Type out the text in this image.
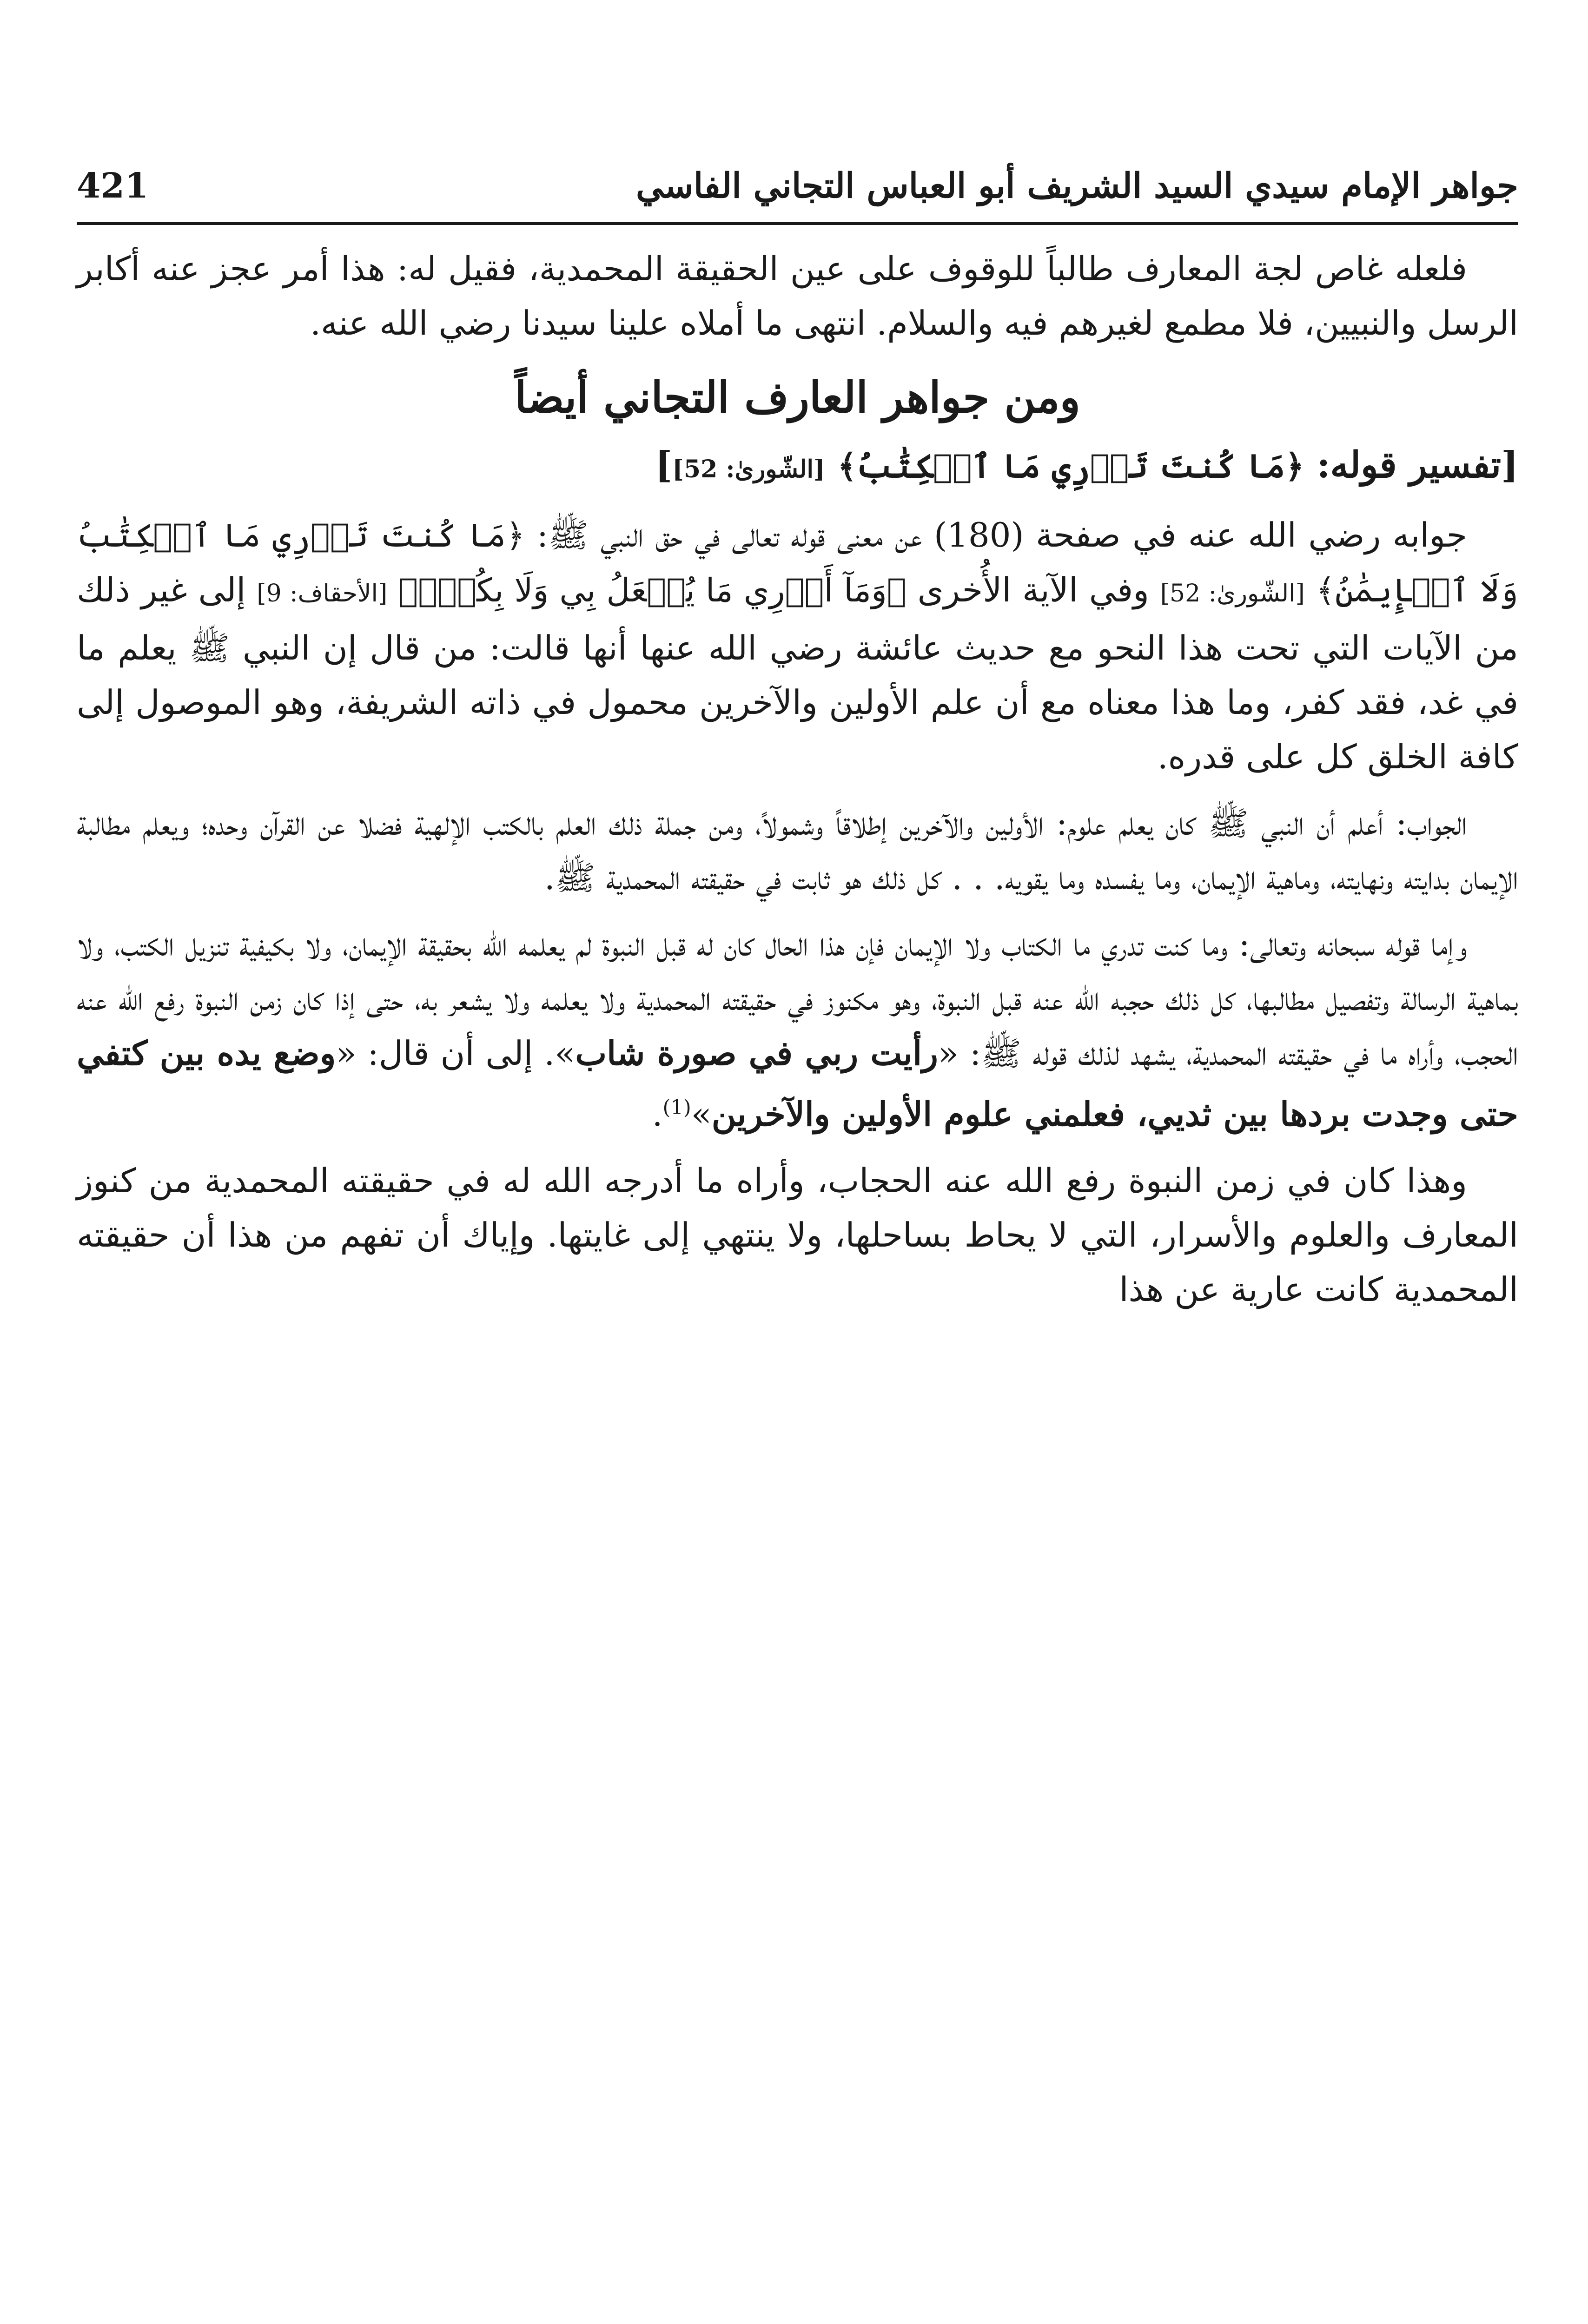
جواهر الإمام سيدي السيد الشريف أبو العباس التجاني الفاسي
421

فلعله غاص لجة المعارف طالباً للوقوف على عين الحقيقة المحمدية، فقيل له: هذا أمر عجز عنه أكابر الرسل والنبيين، فلا مطمع لغيرهم فيه والسلام. انتهى ما أملاه علينا سيدنا رضي الله عنه.

ومن جواهر العارف التجاني أيضاً
[تفسير قوله: ﴿مَا كُنتَ تَدۡرِي مَا ٱلۡكِتَٰبُ﴾ [الشّورىٰ: 52]]

جوابه رضي الله عنه في صفحة (180) عن معنى قوله تعالى في حق النبي ﷺ: ﴿مَا كُنتَ تَدۡرِي مَا ٱلۡكِتَٰبُ وَلَا ٱلۡإِيمَٰنُ﴾ [الشّورىٰ: 52] وفي الآية الأُخرى ﴿وَمَآ أَدۡرِي مَا يُفۡعَلُ بِي وَلَا بِكُمۡۖ﴾ [الأحقاف: 9] إلى غير ذلك من الآيات التي تحت هذا النحو مع حديث عائشة رضي الله عنها أنها قالت: من قال إن النبي ﷺ يعلم ما في غد، فقد كفر، وما هذا معناه مع أن علم الأولين والآخرين محمول في ذاته الشريفة، وهو الموصول إلى كافة الخلق كل على قدره.

الجواب: أعلم أن النبي ﷺ كان يعلم علوم: الأولين والآخرين إطلاقاً وشمولاً، ومن جملة ذلك العلم بالكتب الإلهية فضلا عن القرآن وحده؛ ويعلم مطالبة الإيمان بدايته ونهايته، وماهية الإيمان، وما يفسده وما يقويه. . . كل ذلك هو ثابت في حقيقته المحمدية ﷺ.

وإما قوله سبحانه وتعالى: وما كنت تدري ما الكتاب ولا الإيمان فإن هذا الحال كان له قبل النبوة لم يعلمه الله بحقيقة الإيمان، ولا بكيفية تنزيل الكتب، ولا بماهية الرسالة وتفصيل مطالبها، كل ذلك حجبه الله عنه قبل النبوة، وهو مكنوز في حقيقته المحمدية ولا يعلمه ولا يشعر به، حتى إذا كان زمن النبوة رفع الله عنه الحجب، وأراه ما في حقيقته المحمدية، يشهد لذلك قوله ﷺ: «رأيت ربي في صورة شاب». إلى أن قال: «وضع يده بين كتفي حتى وجدت بردها بين ثديي، فعلمني علوم الأولين والآخرين»$^{(1)}$.

وهذا كان في زمن النبوة رفع الله عنه الحجاب، وأراه ما أدرجه الله له في حقيقته المحمدية من كنوز المعارف والعلوم والأسرار، التي لا يحاط بساحلها، ولا ينتهي إلى غايتها. وإياك أن تفهم من هذا أن حقيقته المحمدية كانت عارية عن هذا
